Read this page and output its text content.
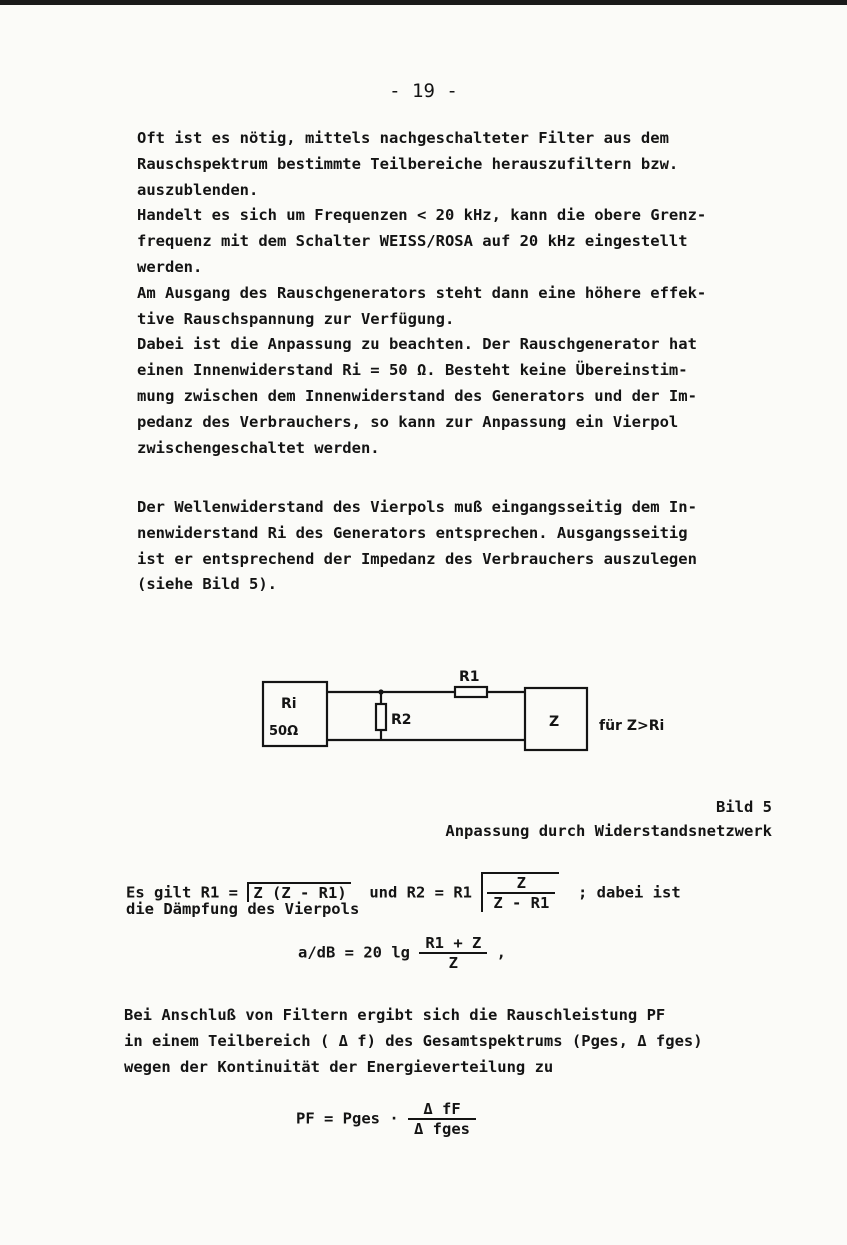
- 19 -
Oft ist es nötig, mittels nachgeschalteter Filter aus dem
Rauschspektrum bestimmte Teilbereiche herauszufiltern bzw.
auszublenden.
Handelt es sich um Frequenzen < 20 kHz, kann die obere Grenz-
frequenz mit dem Schalter WEISS/ROSA auf 20 kHz eingestellt
werden.
Am Ausgang des Rauschgenerators steht dann eine höhere effek-
tive Rauschspannung zur Verfügung.
Dabei ist die Anpassung zu beachten. Der Rauschgenerator hat
einen Innenwiderstand Ri = 50 Ω. Besteht keine Übereinstim-
mung zwischen dem Innenwiderstand des Generators und der Im-
pedanz des Verbrauchers, so kann zur Anpassung ein Vierpol
zwischengeschaltet werden.
Der Wellenwiderstand des Vierpols muß eingangsseitig dem In-
nenwiderstand Ri des Generators entsprechen. Ausgangsseitig
ist er entsprechend der Impedanz des Verbrauchers auszulegen
(siehe Bild 5).
Ri
50Ω
R1
R2	Z	für Z>Ri
Bild 5
Anpassung durch Widerstandsnetzwerk
Es gilt R1 = Z (Z - R1) und $R2 = R1 \frac{Z}{Z - R1}$ ; dabei ist
die Dämpfung des Vierpols
a/dB = 20 $\lg \frac{R1 + Z}{Z}$ ,
Bei Anschluß von Filtern ergibt sich die Rauschleistung PF
in einem Teilbereich ( Δ f) des Gesamtspektrums (Pges, Δ fges)
wegen der Kontinuität der Energieverteilung zu
PF = Pges · $\frac{\text{Δ fF}}{\text{Δ fges}}$
